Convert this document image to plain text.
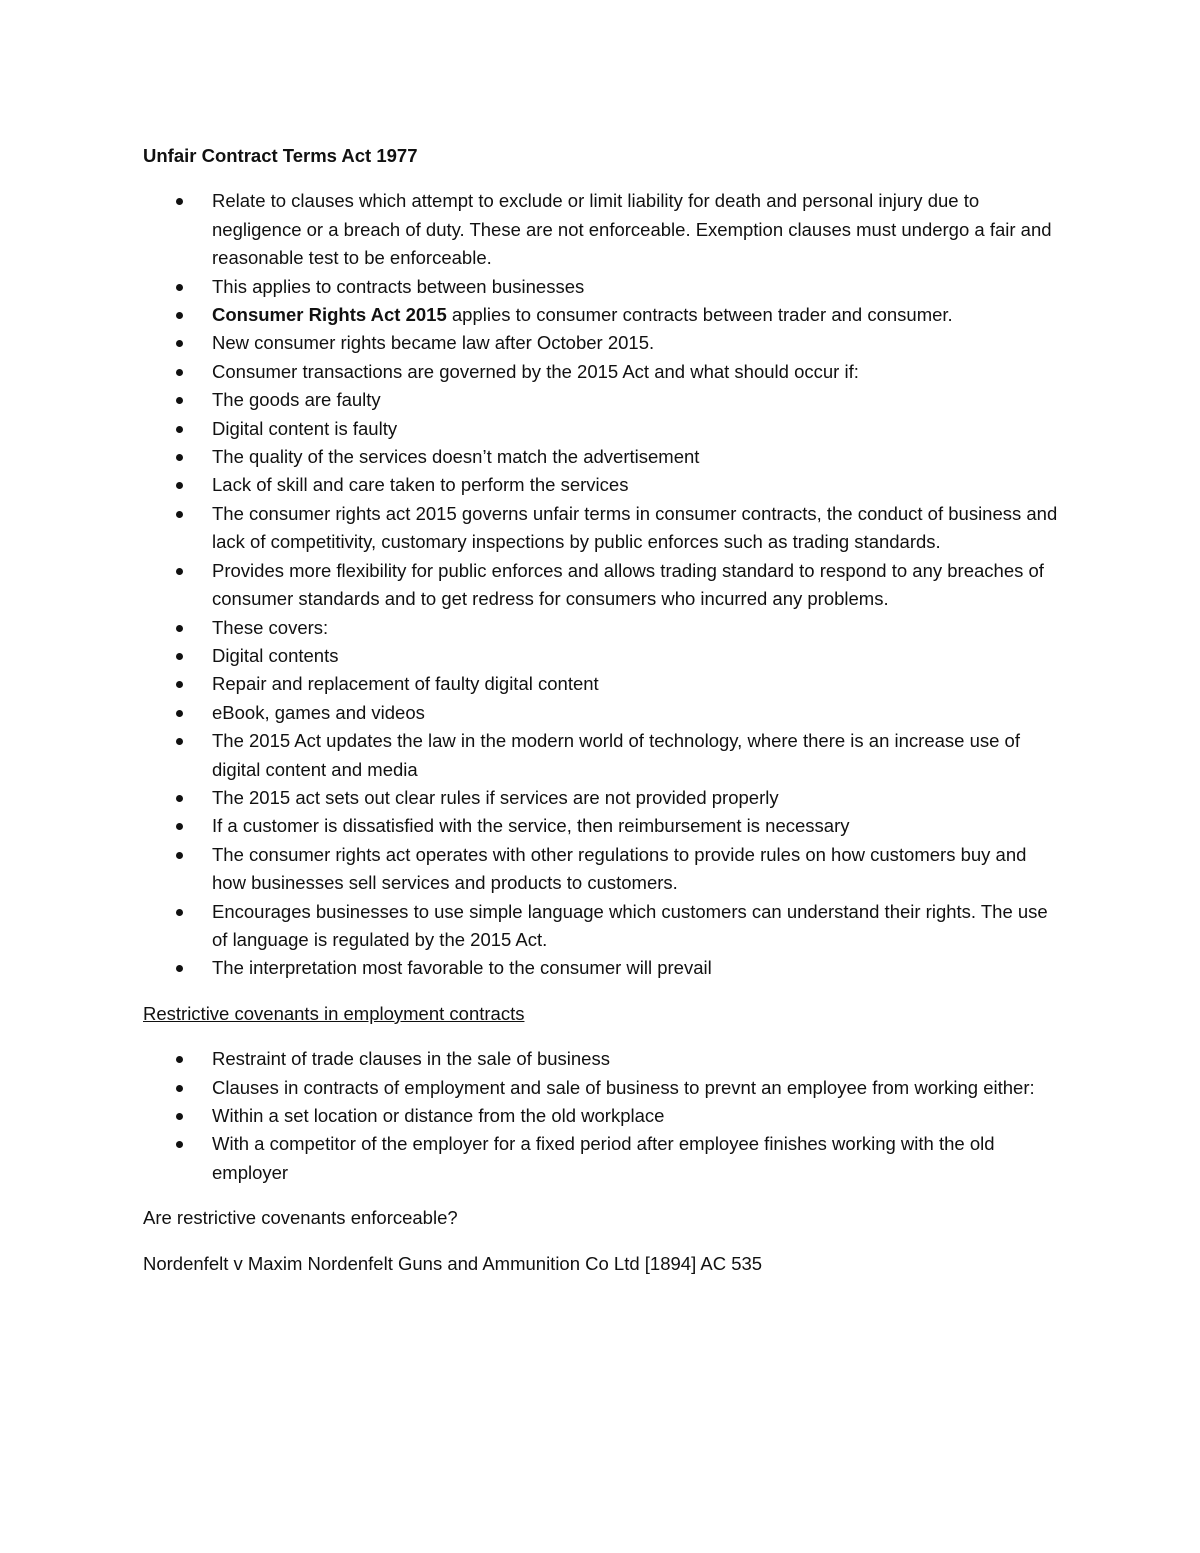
Unfair Contract Terms Act 1977
Relate to clauses which attempt to exclude or limit liability for death and personal injury due to negligence or a breach of duty. These are not enforceable. Exemption clauses must undergo a fair and reasonable test to be enforceable.
This applies to contracts between businesses
Consumer Rights Act 2015 applies to consumer contracts between trader and consumer.
New consumer rights became law after October 2015.
Consumer transactions are governed by the 2015 Act and what should occur if:
The goods are faulty
Digital content is faulty
The quality of the services doesn’t match the advertisement
Lack of skill and care taken to perform the services
The consumer rights act 2015 governs unfair terms in consumer contracts, the conduct of business and lack of competitivity, customary inspections by public enforces such as trading standards.
Provides more flexibility for public enforces and allows trading standard to respond to any breaches of consumer standards and to get redress for consumers who incurred any problems.
These covers:
Digital contents
Repair and replacement of faulty digital content
eBook, games and videos
The 2015 Act updates the law in the modern world of technology, where there is an increase use of digital content and media
The 2015 act sets out clear rules if services are not provided properly
If a customer is dissatisfied with the service, then reimbursement is necessary
The consumer rights act operates with other regulations to provide rules on how customers buy and how businesses sell services and products to customers.
Encourages businesses to use simple language which customers can understand their rights. The use of language is regulated by the 2015 Act.
The interpretation most favorable to the consumer will prevail
Restrictive covenants in employment contracts
Restraint of trade clauses in the sale of business
Clauses in contracts of employment and sale of business to prevnt an employee from working either:
Within a set location or distance from the old workplace
With a competitor of the employer for a fixed period after employee finishes working with the old employer
Are restrictive covenants enforceable?
Nordenfelt v Maxim Nordenfelt Guns and Ammunition Co Ltd [1894] AC 535
